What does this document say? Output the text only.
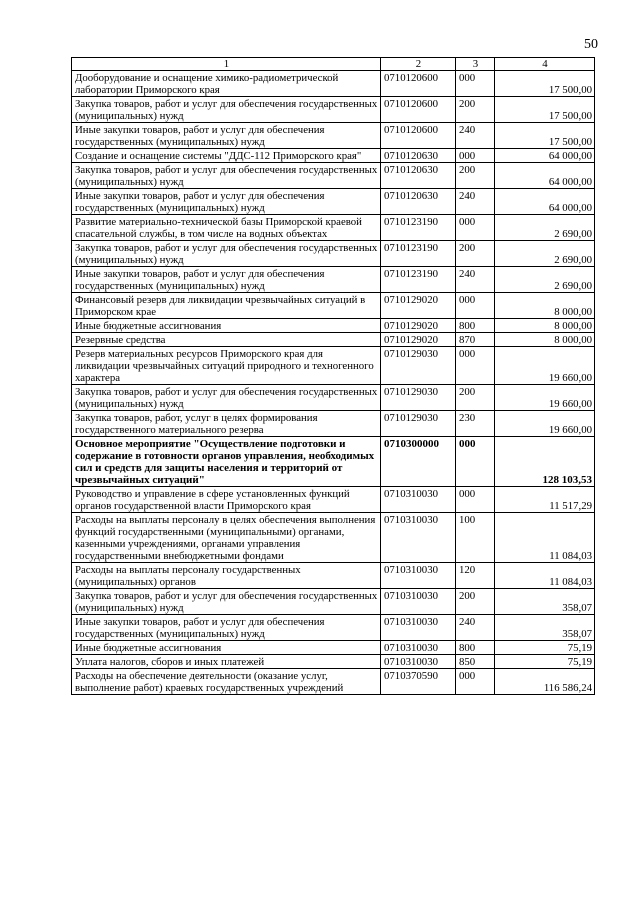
50
1	2	3	4
Дооборудование и оснащение химико-радиометрической лаборатории Приморского края	0710120600	000	17 500,00
Закупка товаров, работ и услуг для обеспечения государственных (муниципальных) нужд	0710120600	200	17 500,00
Иные закупки товаров, работ и услуг для обеспечения государственных (муниципальных) нужд	0710120600	240	17 500,00
Создание и оснащение системы "ДДС-112 Приморского края"	0710120630	000	64 000,00
Закупка товаров, работ и услуг для обеспечения государственных (муниципальных) нужд	0710120630	200	64 000,00
Иные закупки товаров, работ и услуг для обеспечения государственных (муниципальных) нужд	0710120630	240	64 000,00
Развитие материально-технической базы Приморской краевой спасательной службы, в том числе на водных объектах	0710123190	000	2 690,00
Закупка товаров, работ и услуг для обеспечения государственных (муниципальных) нужд	0710123190	200	2 690,00
Иные закупки товаров, работ и услуг для обеспечения государственных (муниципальных) нужд	0710123190	240	2 690,00
Финансовый резерв для ликвидации чрезвычайных ситуаций в Приморском крае	0710129020	000	8 000,00
Иные бюджетные ассигнования	0710129020	800	8 000,00
Резервные средства	0710129020	870	8 000,00
Резерв материальных ресурсов Приморского края для ликвидации чрезвычайных ситуаций природного и техногенного характера	0710129030	000	19 660,00
Закупка товаров, работ и услуг для обеспечения государственных (муниципальных) нужд	0710129030	200	19 660,00
Закупка товаров, работ, услуг в целях формирования государственного материального резерва	0710129030	230	19 660,00
Основное мероприятие "Осуществление подготовки и содержание в готовности органов управления, необходимых сил и средств для защиты населения и территорий от чрезвычайных ситуаций"	0710300000	000	128 103,53
Руководство и управление в сфере установленных функций органов государственной власти Приморского края	0710310030	000	11 517,29
Расходы на выплаты персоналу в целях обеспечения выполнения функций государственными (муниципальными) органами, казенными учреждениями, органами управления государственными внебюджетными фондами	0710310030	100	11 084,03
Расходы на выплаты персоналу государственных (муниципальных) органов	0710310030	120	11 084,03
Закупка товаров, работ и услуг для обеспечения государственных (муниципальных) нужд	0710310030	200	358,07
Иные закупки товаров, работ и услуг для обеспечения государственных (муниципальных) нужд	0710310030	240	358,07
Иные бюджетные ассигнования	0710310030	800	75,19
Уплата налогов, сборов и иных платежей	0710310030	850	75,19
Расходы на обеспечение деятельности (оказание услуг, выполнение работ) краевых государственных учреждений	0710370590	000	116 586,24
